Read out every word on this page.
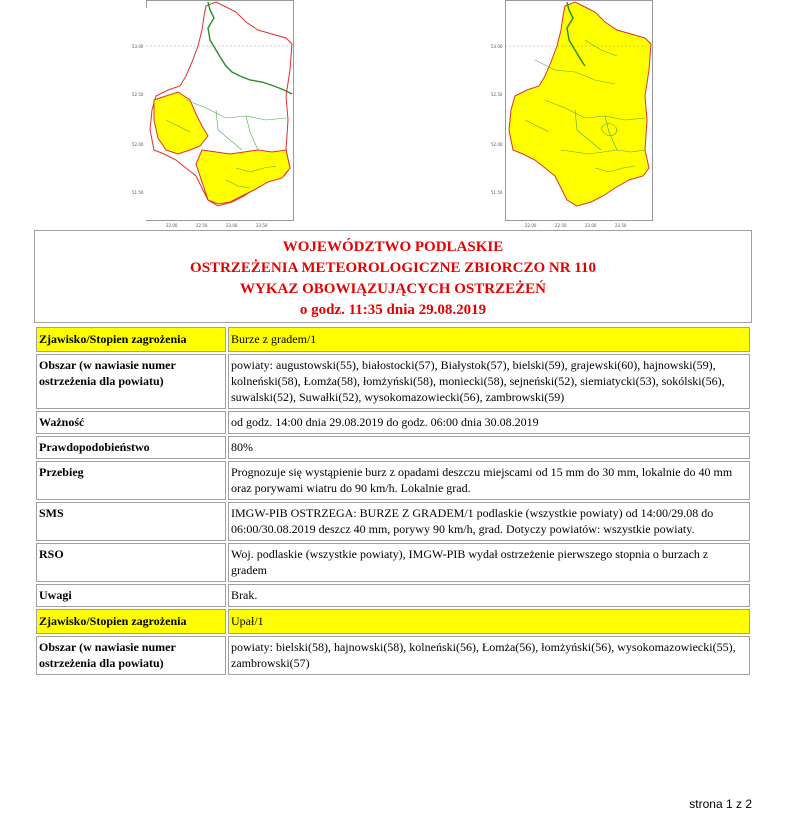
53.00
52.50
52.00
51.50
22.00	22.50	23.00	23.50
53.00
52.50
52.00
51.50
22.00	22.50	23.00	23.50
WOJEWÓDZTWO PODLASKIE
OSTRZEŻENIA METEOROLOGICZNE ZBIORCZO NR 110
WYKAZ OBOWIĄZUJĄCYCH OSTRZEŻEŃ
o godz. 11:35 dnia 29.08.2019
Zjawisko/Stopien zagrożenia	Burze z gradem/1
Obszar (w nawiasie numer ostrzeżenia dla powiatu)	powiaty: augustowski(55), białostocki(57), Białystok(57), bielski(59), grajewski(60), hajnowski(59), kolneński(58), Łomża(58), łomżyński(58), moniecki(58), sejneński(52), siemiatycki(53), sokólski(56), suwalski(52), Suwałki(52), wysokomazowiecki(56), zambrowski(59)
Ważność	od godz. 14:00 dnia 29.08.2019 do godz. 06:00 dnia 30.08.2019
Prawdopodobieństwo	80%
Przebieg	Prognozuje się wystąpienie burz z opadami deszczu miejscami od 15 mm do 30 mm, lokalnie do 40 mm oraz porywami wiatru do 90 km/h. Lokalnie grad.
SMS	IMGW-PIB OSTRZEGA: BURZE Z GRADEM/1 podlaskie (wszystkie powiaty) od 14:00/29.08 do 06:00/30.08.2019 deszcz 40 mm, porywy 90 km/h, grad. Dotyczy powiatów: wszystkie powiaty.
RSO	Woj. podlaskie (wszystkie powiaty), IMGW-PIB wydał ostrzeżenie pierwszego stopnia o burzach z gradem
Uwagi	Brak.
Zjawisko/Stopien zagrożenia	Upał/1
Obszar (w nawiasie numer ostrzeżenia dla powiatu)	powiaty: bielski(58), hajnowski(58), kolneński(56), Łomża(56), łomżyński(56), wysokomazowiecki(55), zambrowski(57)
strona 1 z 2
